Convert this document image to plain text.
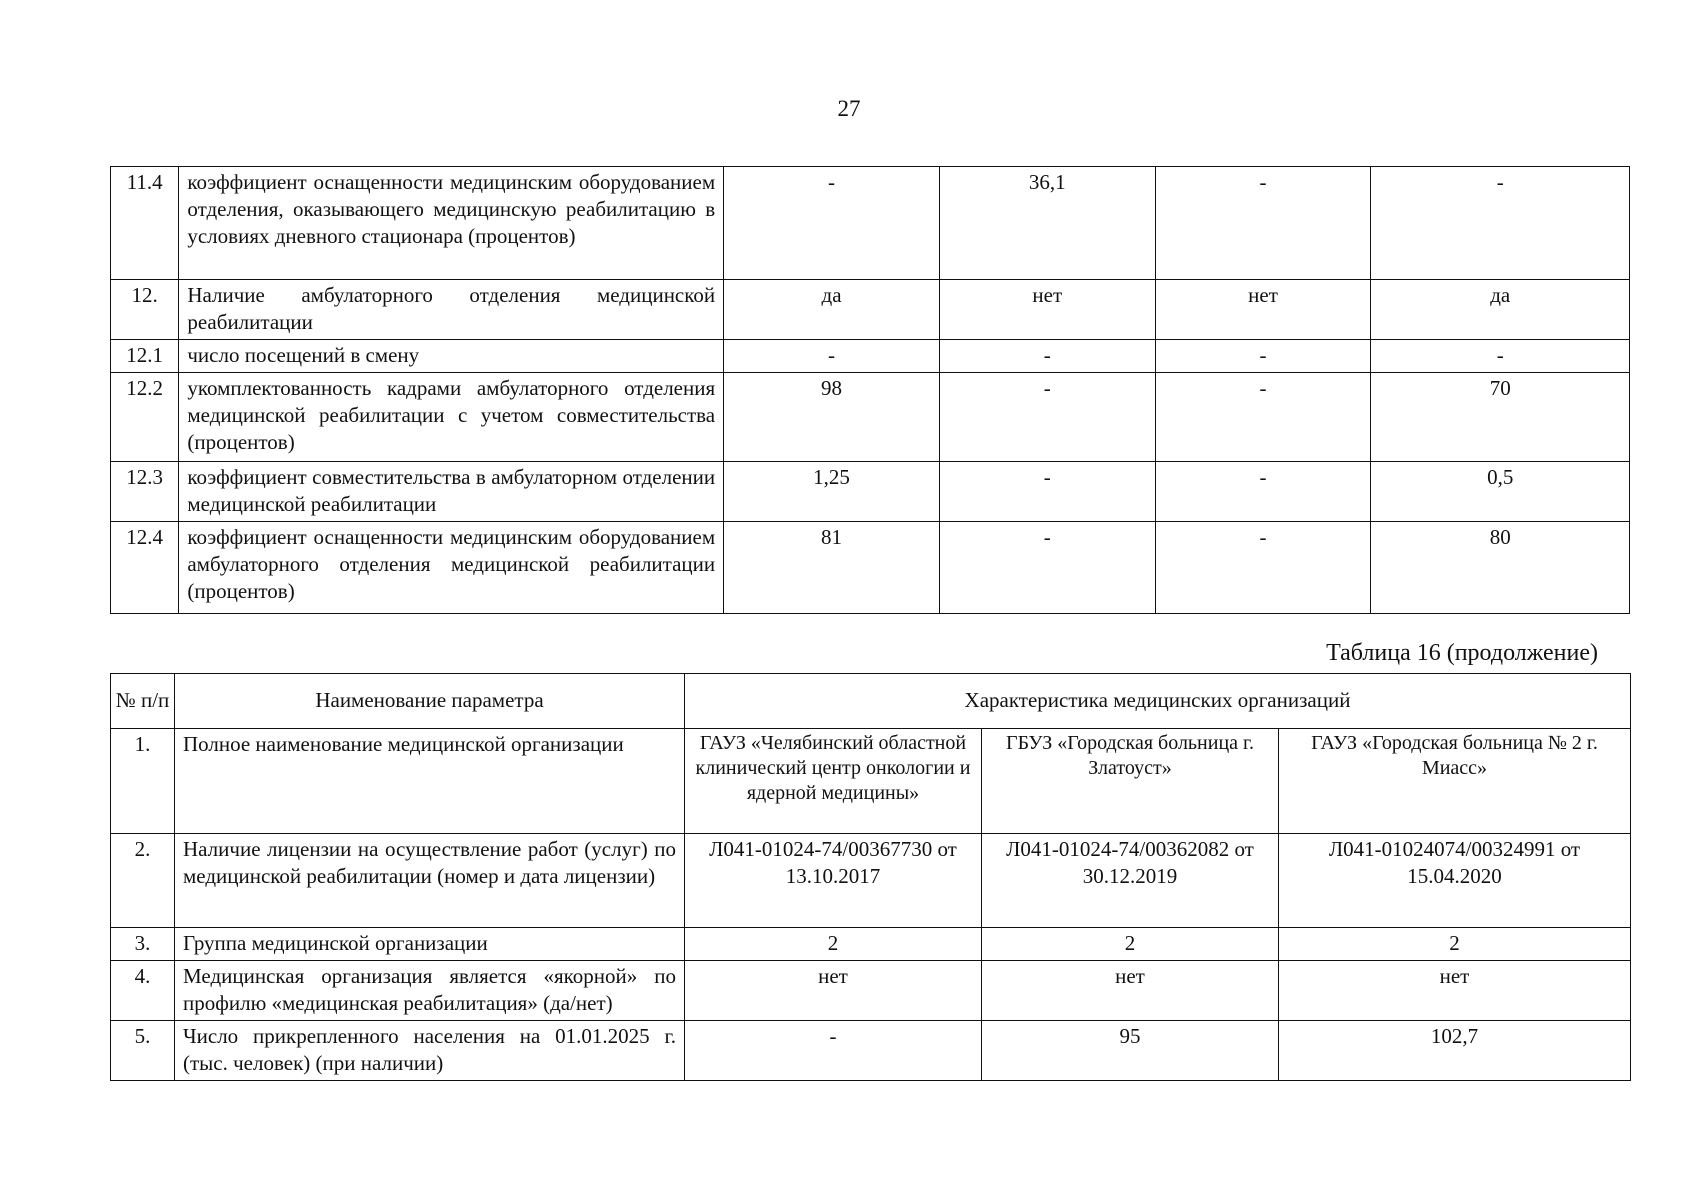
27
11.4	коэффициент оснащенности медицинским оборудованием отделения, оказывающего медицинскую реабилитацию в условиях дневного стационара (процентов)	-	36,1	-	-
12.	Наличие амбулаторного отделения медицинской реабилитации	да	нет	нет	да
12.1	число посещений в смену	-	-	-	-
12.2	укомплектованность кадрами амбулаторного отделения медицинской реабилитации с учетом совместительства (процентов)	98	-	-	70
12.3	коэффициент совместительства в амбулаторном отделении медицинской реабилитации	1,25	-	-	0,5
12.4	коэффициент оснащенности медицинским оборудованием амбулаторного отделения медицинской реабилитации (процентов)	81	-	-	80
Таблица 16 (продолжение)
№ п/п	Наименование параметра	Характеристика медицинских организаций		
1.	Полное наименование медицинской организации	ГАУЗ «Челябинский областной клинический центр онкологии и ядерной медицины»	ГБУЗ «Городская больница г. Златоуст»	ГАУЗ «Городская больница № 2 г. Миасс»
2.	Наличие лицензии на осуществление работ (услуг) по медицинской реабилитации (номер и дата лицензии)	Л041-01024-74/00367730 от 13.10.2017	Л041-01024-74/00362082 от 30.12.2019	Л041-01024074/00324991 от 15.04.2020
3.	Группа медицинской организации	2	2	2
4.	Медицинская организация является «якорной» по профилю «медицинская реабилитация» (да/нет)	нет	нет	нет
5.	Число прикрепленного населения на 01.01.2025 г. (тыс. человек) (при наличии)	-	95	102,7
